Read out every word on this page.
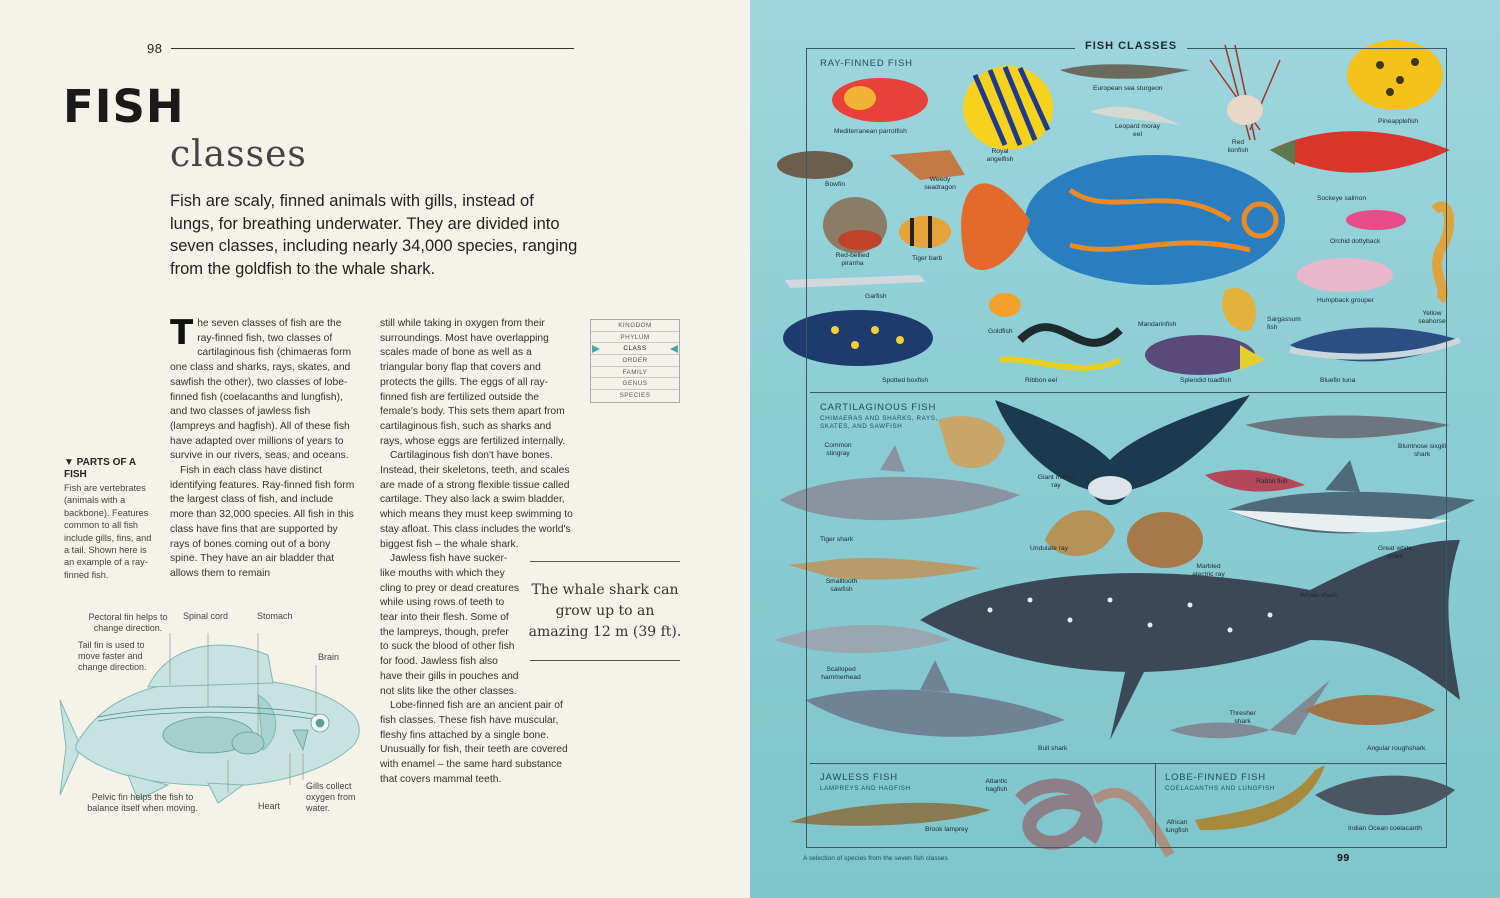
98
FISH
classes
Fish are scaly, finned animals with gills, instead of lungs, for breathing underwater. They are divided into seven classes, including nearly 34,000 species, ranging from the goldfish to the whale shark.

The seven classes of fish are the ray-finned fish, two classes of cartilaginous fish (chimaeras form one class and sharks, rays, skates, and sawfish the other), two classes of lobe-finned fish (coelacanths and lungfish), and two classes of jawless fish (lampreys and hagfish). All of these fish have adapted over millions of years to survive in our rivers, seas, and oceans.

Fish in each class have distinct identifying features. Ray-finned fish form the largest class of fish, and include more than 32,000 species. All fish in this class have fins that are supported by rays of bones coming out of a bony spine. They have an air bladder that allows them to remain

still while taking in oxygen from their surroundings. Most have overlapping scales made of bone as well as a triangular bony flap that covers and protects the gills. The eggs of all ray-finned fish are fertilized outside the female's body. This sets them apart from cartilaginous fish, such as sharks and rays, whose eggs are fertilized internally.

Cartilaginous fish don't have bones. Instead, their skeletons, teeth, and scales are made of a strong flexible tissue called cartilage. They also lack a swim bladder, which means they must keep swimming to stay afloat. This class includes the world's biggest fish – the whale shark.

Jawless fish have sucker-like mouths with which they cling to prey or dead creatures while using rows of teeth to tear into their flesh. Some of the lampreys, though, prefer to suck the blood of other fish for food. Jawless fish also have their gills in pouches and not slits like the other classes.

Lobe-finned fish are an ancient pair of fish classes. These fish have muscular, fleshy fins attached by a single bone. Unusually for fish, their teeth are covered with enamel – the same hard substance that covers mammal teeth.

KINGDOM
PHYLUM
CLASS
ORDER
FAMILY
GENUS
SPECIES
The whale shark can grow up to an amazing 12 m (39 ft).
▼ PARTS OF A FISH
Fish are vertebrates (animals with a backbone). Features common to all fish include gills, fins, and a tail. Shown here is an example of a ray-finned fish.
Pectoral fin helps to change direction.
Tail fin is used to move faster and change direction.
Spinal cord	Stomach
Brain
Gills collect oxygen from water.
Heart
Pelvic fin helps the fish to balance itself when moving.
FISH CLASSES
RAY-FINNED FISH
CARTILAGINOUS FISH
CHIMAERAS AND SHARKS, RAYS, SKATES, AND SAWFISH
JAWLESS FISH
LAMPREYS AND HAGFISH
LOBE-FINNED FISH
COELACANTHS AND LUNGFISH
Mediterranean parrotfish
Royal angelfish
European sea sturgeon
Leopard moray eel
Red lionfish
Pineapplefish
Bowfin
Weedy seadragon
Sockeye salmon
Orchid dottyback
Red-bellied piranha
Tiger barb
Garfish
Humpback grouper
Yellow seahorse
Goldfish
Mandarinfish
Sargassum fish
Spotted boxfish	Ribbon eel	Splendid toadfish	Bluefin tuna
Common stingray
Giant manta ray
Bluntnose sixgill shark
Rabbit fish
Tiger shark
Undulate ray
Marbled electric ray
Great white shark
Smalltooth sawfish
Whale shark
Scalloped hammerhead
Thresher shark
Bull shark	Angular roughshark
Atlantic hagfish
Brook lamprey
African lungfish	Indian Ocean coelacanth
A selection of species from the seven fish classes	99
